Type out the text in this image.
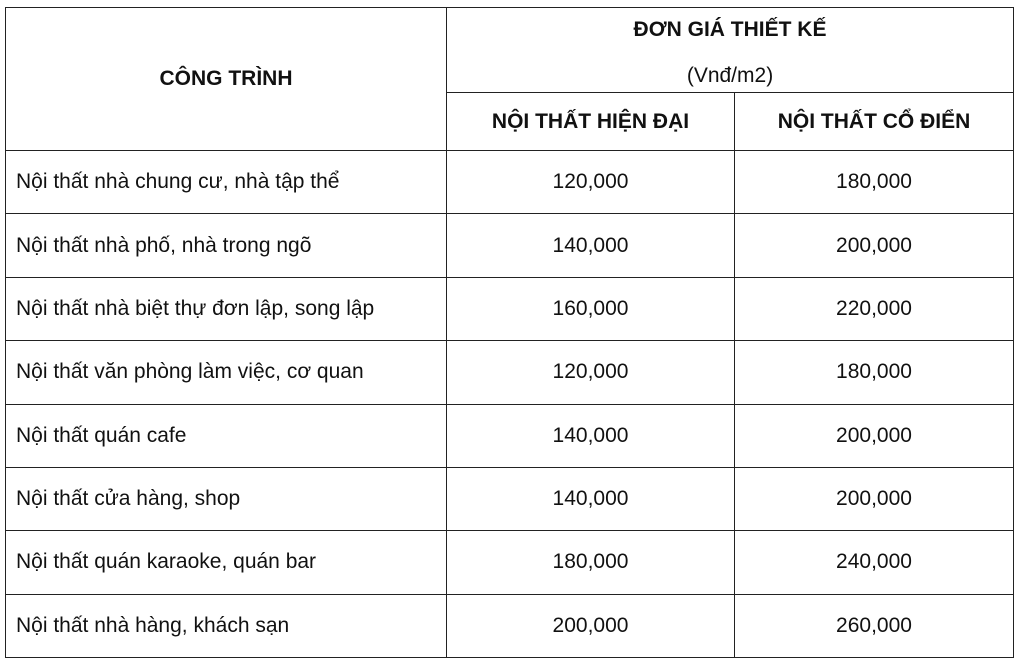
CÔNG TRÌNH	ĐƠN GIÁ THIẾT KẾ
(Vnđ/m2)	

	NỘI THẤT HIỆN ĐẠI	NỘI THẤT CỔ ĐIỂN
Nội thất nhà chung cư, nhà tập thể	120,000	180,000
Nội thất nhà phố, nhà trong ngõ	140,000	200,000
Nội thất nhà biệt thự đơn lập, song lập	160,000	220,000
Nội thất văn phòng làm việc, cơ quan	120,000	180,000
Nội thất quán cafe	140,000	200,000
Nội thất cửa hàng, shop	140,000	200,000
Nội thất quán karaoke, quán bar	180,000	240,000
Nội thất nhà hàng, khách sạn	200,000	260,000
